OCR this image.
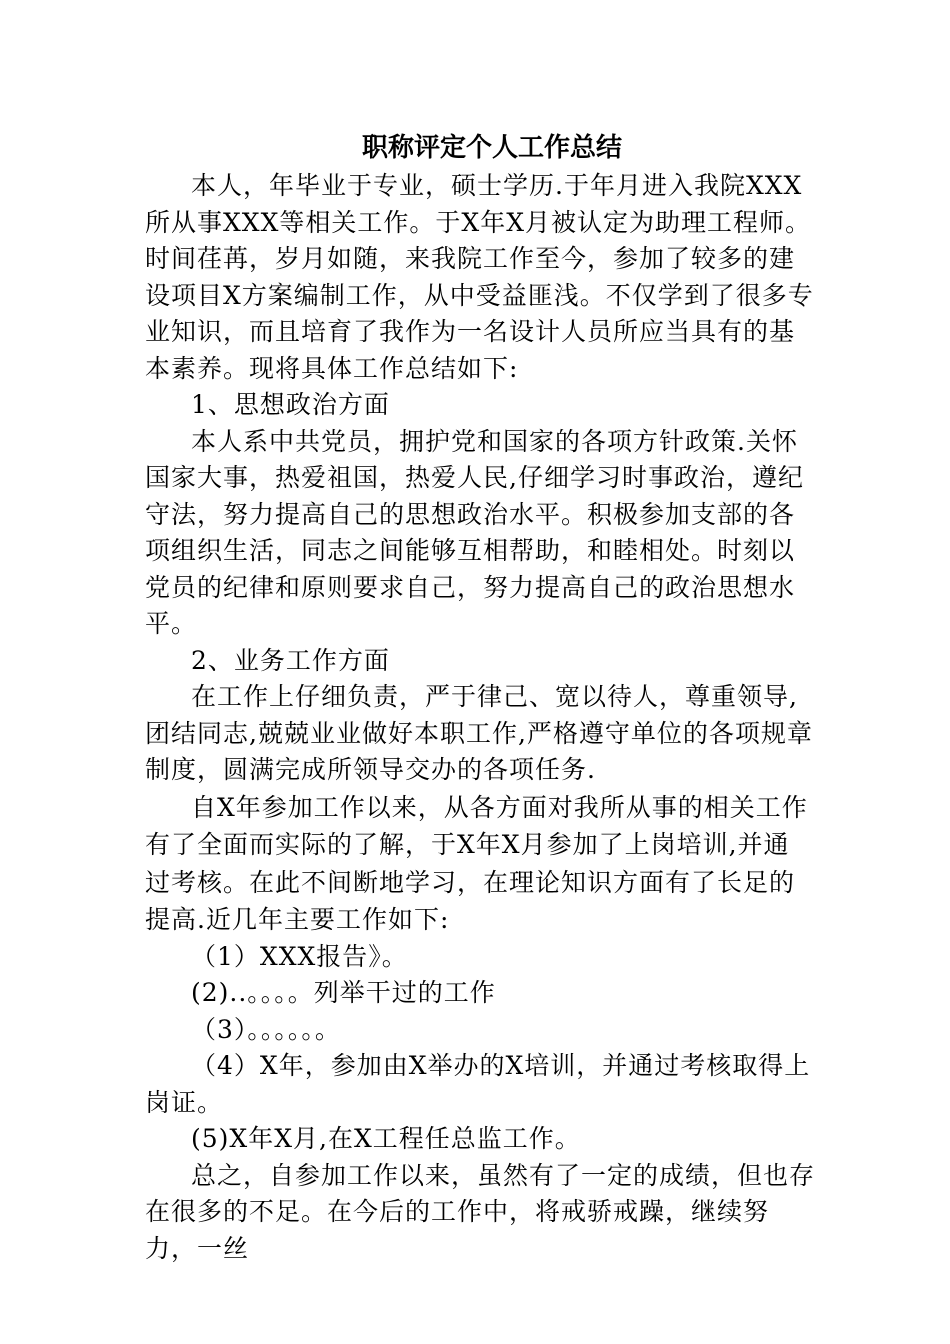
职称评定个人工作总结

本人，年毕业于专业，硕士学历.于年月进入我院XXX所从事XXX等相关工作。于X年X月被认定为助理工程师。时间荏苒，岁月如随，来我院工作至今，参加了较多的建设项目X方案编制工作，从中受益匪浅。不仅学到了很多专业知识，而且培育了我作为一名设计人员所应当具有的基本素养。现将具体工作总结如下:

1、思想政治方面

本人系中共党员，拥护党和国家的各项方针政策.关怀国家大事，热爱祖国，热爱人民,仔细学习时事政治，遵纪守法，努力提高自己的思想政治水平。积极参加支部的各项组织生活，同志之间能够互相帮助，和睦相处。时刻以党员的纪律和原则要求自己，努力提高自己的政治思想水平。

2、业务工作方面

在工作上仔细负责，严于律己、宽以待人，尊重领导,团结同志,兢兢业业做好本职工作,严格遵守单位的各项规章制度，圆满完成所领导交办的各项任务.

自X年参加工作以来，从各方面对我所从事的相关工作有了全面而实际的了解，于X年X月参加了上岗培训,并通过考核。在此不间断地学习，在理论知识方面有了长足的提高.近几年主要工作如下:

（1）XXX报告》。

(2)..。。。。列举干过的工作

（3）。。。。。。

（4）X年，参加由X举办的X培训，并通过考核取得上岗证。

(5)X年X月,在X工程任总监工作。

总之，自参加工作以来，虽然有了一定的成绩，但也存在很多的不足。在今后的工作中，将戒骄戒躁，继续努力，一丝
